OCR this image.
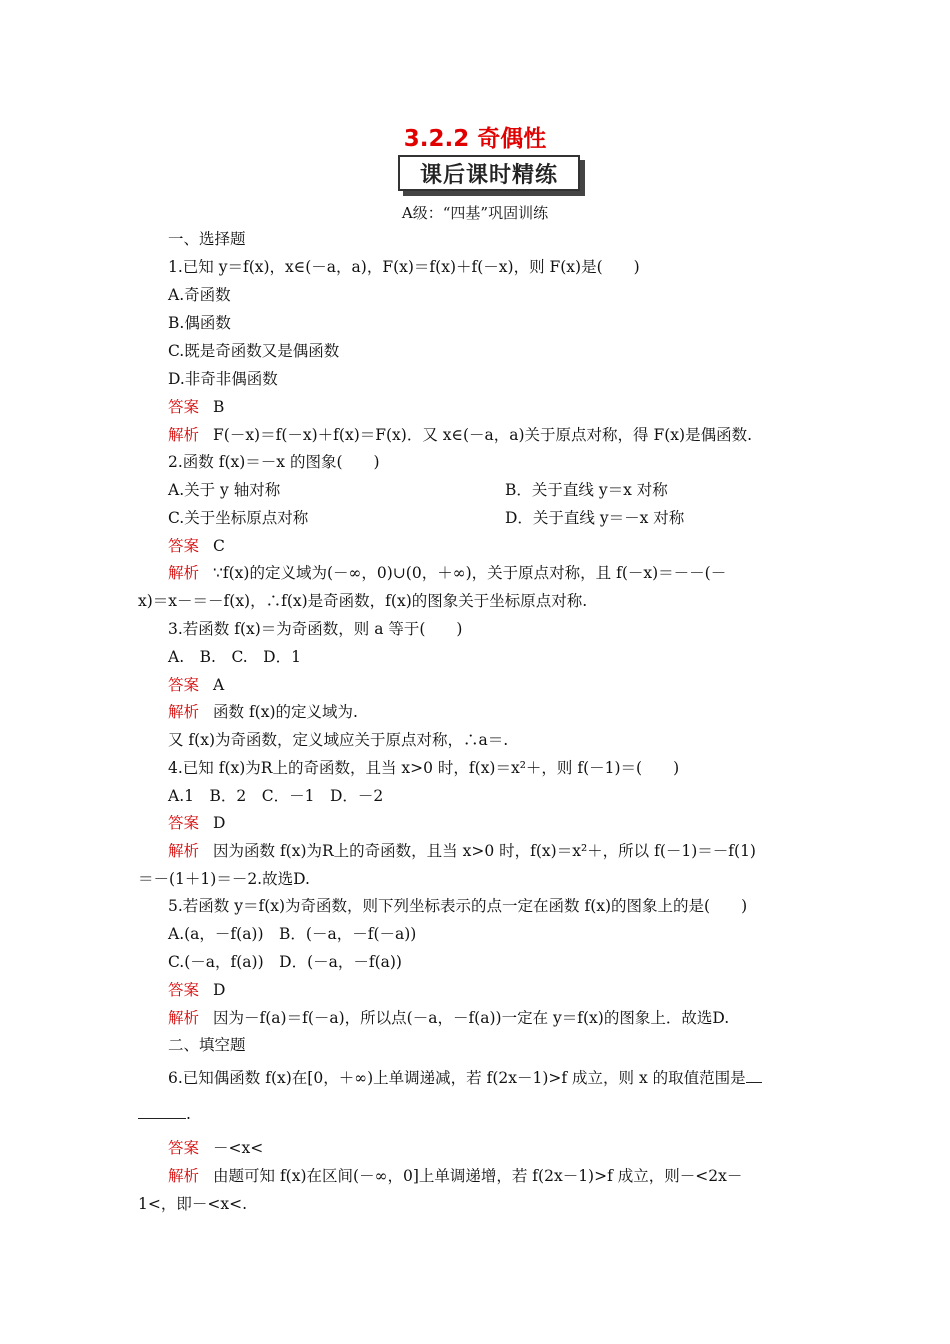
3.2.2 奇偶性
课后课时精练
A级：“四基”巩固训练
一、选择题
1.已知 y＝f(x)，x∈(－a，a)，F(x)＝f(x)＋f(－x)，则 F(x)是(　　)
A.奇函数
B.偶函数
C.既是奇函数又是偶函数
D.非奇非偶函数
答案 B
解析 F(－x)＝f(－x)＋f(x)＝F(x)．又 x∈(－a，a)关于原点对称，得 F(x)是偶函数.
2.函数 f(x)＝－x 的图象(　　)
A.关于 y 轴对称	B．关于直线 y＝x 对称
C.关于坐标原点对称	D．关于直线 y＝－x 对称
答案 C
解析 ∵f(x)的定义域为(－∞，0)∪(0，＋∞)，关于原点对称，且 f(－x)＝－－(－
x)＝x－＝－f(x)，∴f(x)是奇函数，f(x)的图象关于坐标原点对称.
3.若函数 f(x)＝为奇函数，则 a 等于(　　)
A.　B.　C.　D．1
答案 A
解析 函数 f(x)的定义域为.
又 f(x)为奇函数，定义域应关于原点对称，∴a＝.
4.已知 f(x)为R上的奇函数，且当 x>0 时，f(x)＝x²＋，则 f(－1)＝(　　)
A.1　B．2　C．－1　D．－2
答案 D
解析 因为函数 f(x)为R上的奇函数，且当 x>0 时，f(x)＝x²＋，所以 f(－1)＝－f(1)
＝－(1＋1)＝－2.故选D.
5.若函数 y＝f(x)为奇函数，则下列坐标表示的点一定在函数 f(x)的图象上的是(　　)
A.(a，－f(a))　B．(－a，－f(－a))
C.(－a，f(a))　D．(－a，－f(a))
答案 D
解析 因为－f(a)＝f(－a)，所以点(－a，－f(a))一定在 y＝f(x)的图象上．故选D.
二、填空题
6.已知偶函数 f(x)在[0，＋∞)上单调递减，若 f(2x－1)>f 成立，则 x 的取值范围是
.
答案 －<x<
解析 由题可知 f(x)在区间(－∞，0]上单调递增，若 f(2x－1)>f 成立，则－<2x－
1<，即－<x<.
